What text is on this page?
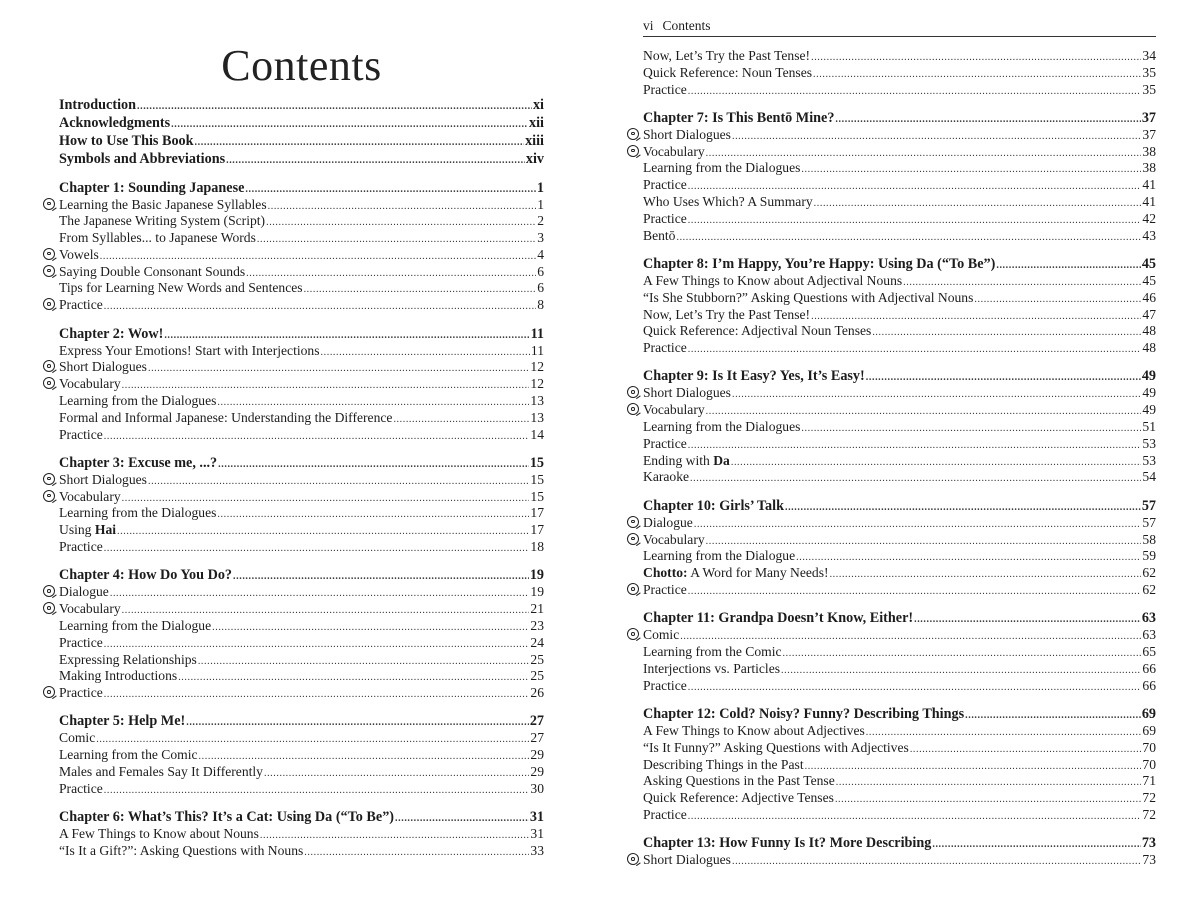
Contents
Introduction .....	xi
Acknowledgments .....	xii
How to Use This Book .....	xiii
Symbols and Abbreviations .....	xiv
Chapter 1: Sounding Japanese .....	1
Learning the Basic Japanese Syllables .....	1
The Japanese Writing System (Script) .....	2
From Syllables... to Japanese Words .....	3
Vowels .....	4
Saying Double Consonant Sounds .....	6
Tips for Learning New Words and Sentences .....	6
Practice .....	8
Chapter 2: Wow! .....	11
Express Your Emotions! Start with Interjections .....	11
Short Dialogues .....	12
Vocabulary .....	12
Learning from the Dialogues .....	13
Formal and Informal Japanese: Understanding the Difference .....	13
Practice .....	14
Chapter 3: Excuse me, ...? .....	15
Short Dialogues .....	15
Vocabulary .....	15
Learning from the Dialogues .....	17
Using Hai .....	17
Practice .....	18
Chapter 4: How Do You Do? .....	19
Dialogue .....	19
Vocabulary .....	21
Learning from the Dialogue .....	23
Practice .....	24
Expressing Relationships .....	25
Making Introductions .....	25
Practice .....	26
Chapter 5: Help Me! .....	27
Comic .....	27
Learning from the Comic .....	29
Males and Females Say It Differently .....	29
Practice .....	30
Chapter 6: What’s This? It’s a Cat: Using Da (“To Be”) .....	31
A Few Things to Know about Nouns .....	31
“Is It a Gift?”: Asking Questions with Nouns .....	33
vi Contents
Now, Let’s Try the Past Tense! .....	34
Quick Reference: Noun Tenses .....	35
Practice .....	35
Chapter 7: Is This Bentō Mine? .....	37
Short Dialogues .....	37
Vocabulary .....	38
Learning from the Dialogues .....	38
Practice .....	41
Who Uses Which? A Summary .....	41
Practice .....	42
Bentō .....	43
Chapter 8: I’m Happy, You’re Happy: Using Da (“To Be”) .....	45
A Few Things to Know about Adjectival Nouns .....	45
“Is She Stubborn?” Asking Questions with Adjectival Nouns .....	46
Now, Let’s Try the Past Tense! .....	47
Quick Reference: Adjectival Noun Tenses .....	48
Practice .....	48
Chapter 9: Is It Easy? Yes, It’s Easy! .....	49
Short Dialogues .....	49
Vocabulary .....	49
Learning from the Dialogues .....	51
Practice .....	53
Ending with Da .....	53
Karaoke .....	54
Chapter 10: Girls’ Talk .....	57
Dialogue .....	57
Vocabulary .....	58
Learning from the Dialogue .....	59
Chotto: A Word for Many Needs! .....	62
Practice .....	62
Chapter 11: Grandpa Doesn’t Know, Either! .....	63
Comic .....	63
Learning from the Comic .....	65
Interjections vs. Particles .....	66
Practice .....	66
Chapter 12: Cold? Noisy? Funny? Describing Things .....	69
A Few Things to Know about Adjectives .....	69
“Is It Funny?” Asking Questions with Adjectives .....	70
Describing Things in the Past .....	70
Asking Questions in the Past Tense .....	71
Quick Reference: Adjective Tenses .....	72
Practice .....	72
Chapter 13: How Funny Is It? More Describing .....	73
Short Dialogues .....	73
